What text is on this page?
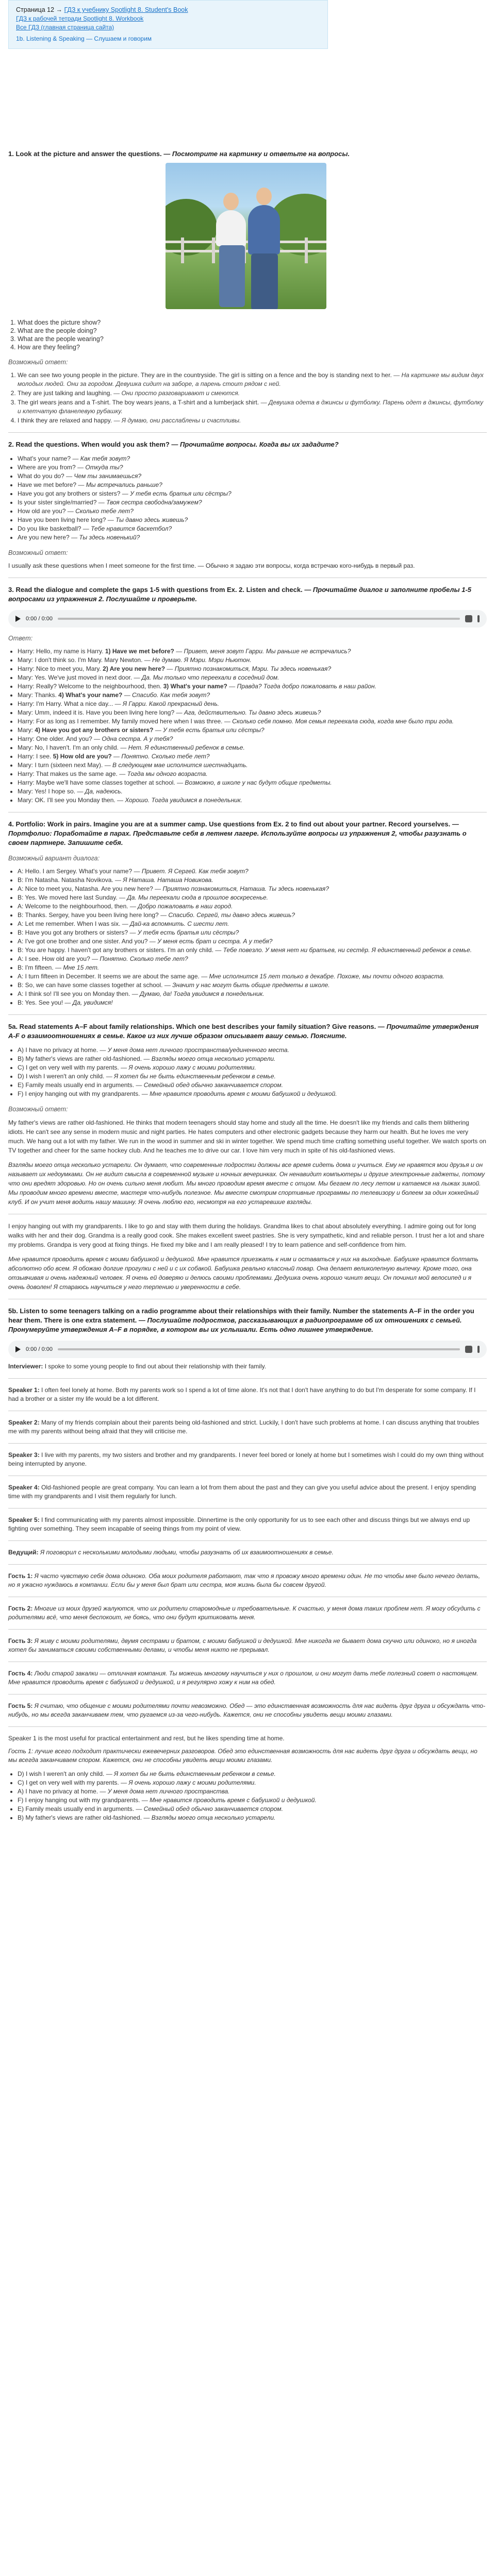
Страница 12 → ГДЗ к учебнику Spotlight 8. Student's Book
ГДЗ к рабочей тетради Spotlight 8. Workbook
Все ГДЗ (главная страница сайта)
1b. Listening & Speaking — Слушаем и говорим
1. Look at the picture and answer the questions. — Посмотрите на картинку и ответьте на вопросы.
1. What does the picture show?
2. What are the people doing?
3. What are the people wearing?
4. How are they feeling?
Возможный ответ:
1. We can see two young people in the picture. They are in the countryside. The girl is sitting on a fence and the boy is standing next to her. — На картинке мы видим двух молодых людей. Они за городом. Девушка сидит на заборе, а парень стоит рядом с ней.
2. They are just talking and laughing. — Они просто разговаривают и смеются.
3. The girl wears jeans and a T-shirt. The boy wears jeans, a T-shirt and a lumberjack shirt. — Девушка одета в джинсы и футболку. Парень одет в джинсы, футболку и клетчатую фланелевую рубашку.
4. I think they are relaxed and happy. — Я думаю, они расслаблены и счастливы.
2. Read the questions. When would you ask them? — Прочитайте вопросы. Когда вы их зададите?
• What's your name? — Как тебя зовут?
• Where are you from? — Откуда ты?
• What do you do? — Чем ты занимаешься?
• Have we met before? — Мы встречались раньше?
• Have you got any brothers or sisters? — У тебя есть братья или сёстры?
• Is your sister single/married? — Твоя сестра свободна/замужем?
• How old are you? — Сколько тебе лет?
• Have you been living here long? — Ты давно здесь живешь?
• Do you like basketball? — Тебе нравится баскетбол?
• Are you new here? — Ты здесь новенький?
Возможный ответ:

I usually ask these questions when I meet someone for the first time. — Обычно я задаю эти вопросы, когда встречаю кого-нибудь в первый раз.

3. Read the dialogue and complete the gaps 1-5 with questions from Ex. 2. Listen and check. — Прочитайте диалог и заполните пробелы 1-5 вопросами из упражнения 2. Послушайте и проверьте.
0:00 / 0:00
Ответ:
• Harry: Hello, my name is Harry. 1) Have we met before? — Привет, меня зовут Гарри. Мы раньше не встречались?
• Mary: I don't think so. I'm Mary. Mary Newton. — Не думаю. Я Мэри. Мэри Ньютон.
• Harry: Nice to meet you, Mary. 2) Are you new here? — Приятно познакомиться, Мэри. Ты здесь новенькая?
• Mary: Yes. We've just moved in next door. — Да. Мы только что переехали в соседний дом.
• Harry: Really? Welcome to the neighbourhood, then. 3) What's your name? — Правда? Тогда добро пожаловать в наш район.
• Mary: Thanks. 4) What's your name? — Спасибо. Как тебя зовут?
• Harry: I'm Harry. What a nice day... — Я Гарри. Какой прекрасный день.
• Mary: Umm, indeed it is. Have you been living here long? — Ага, действительно. Ты давно здесь живешь?
• Harry: For as long as I remember. My family moved here when I was three. — Сколько себя помню. Моя семья переехала сюда, когда мне было три года.
• Mary: 4) Have you got any brothers or sisters? — У тебя есть братья или сёстры?
• Harry: One older. And you? — Одна сестра. А у тебя?
• Mary: No, I haven't. I'm an only child. — Нет. Я единственный ребенок в семье.
• Harry: I see. 5) How old are you? — Понятно. Сколько тебе лет?
• Mary: I turn (sixteen next May). — В следующем мае исполнится шестнадцать.
• Harry: That makes us the same age. — Тогда мы одного возраста.
• Harry: Maybe we'll have some classes together at school. — Возможно, в школе у нас будут общие предметы.
• Mary: Yes! I hope so. — Да, надеюсь.
• Mary: OK. I'll see you Monday then. — Хорошо. Тогда увидимся в понедельник.
4. Portfolio: Work in pairs. Imagine you are at a summer camp. Use questions from Ex. 2 to find out about your partner. Record yourselves. — Портфолио: Поработайте в парах. Представьте себя в летнем лагере. Используйте вопросы из упражнения 2, чтобы разузнать о своем партнере. Запишите себя.
Возможный вариант диалога:
• A: Hello. I am Sergey. What's your name? — Привет. Я Сергей. Как тебя зовут?
• B: I'm Natasha. Natasha Novikova. — Я Наташа. Наташа Новикова.
• A: Nice to meet you, Natasha. Are you new here? — Приятно познакомиться, Наташа. Ты здесь новенькая?
• B: Yes. We moved here last Sunday. — Да. Мы переехали сюда в прошлое воскресенье.
• A: Welcome to the neighbourhood, then. — Добро пожаловать в наш город.
• B: Thanks. Sergey, have you been living here long? — Спасибо. Сергей, ты давно здесь живешь?
• A: Let me remember. When I was six. — Дай-ка вспомнить. С шести лет.
• B: Have you got any brothers or sisters? — У тебя есть братья или сёстры?
• A: I've got one brother and one sister. And you? — У меня есть брат и сестра. А у тебя?
• B: You are happy. I haven't got any brothers or sisters. I'm an only child. — Тебе повезло. У меня нет ни братьев, ни сестёр. Я единственный ребенок в семье.
• A: I see. How old are you? — Понятно. Сколько тебе лет?
• B: I'm fifteen. — Мне 15 лет.
• A: I turn fifteen in December. It seems we are about the same age. — Мне исполнится 15 лет только в декабре. Похоже, мы почти одного возраста.
• B: So, we can have some classes together at school. — Значит у нас могут быть общие предметы в школе.
• A: I think so! I'll see you on Monday then. — Думаю, да! Тогда увидимся в понедельник.
• B: Yes. See you! — Да, увидимся!
5a. Read statements A–F about family relationships. Which one best describes your family situation? Give reasons. — Прочитайте утверждения A-F о взаимоотношениях в семье. Какое из них лучше образом описывает вашу семью. Поясните.
• A) I have no privacy at home. — У меня дома нет личного пространства/уединенного места.
• B) My father's views are rather old-fashioned. — Взгляды моего отца несколько устарели.
• C) I get on very well with my parents. — Я очень хорошо лажу с моими родителями.
• D) I wish I weren't an only child. — Я хотел бы не быть единственным ребенком в семье.
• E) Family meals usually end in arguments. — Семейный обед обычно заканчивается спором.
• F) I enjoy hanging out with my grandparents. — Мне нравится проводить время с моими бабушкой и дедушкой.
Возможный ответ:

My father's views are rather old-fashioned. He thinks that modern teenagers should stay home and study all the time. He doesn't like my friends and calls them blithering idiots. He can't see any sense in modern music and night parties. He hates computers and other electronic gadgets because they harm our health. But he loves me very much. We hang out a lot with my father. We run in the wood in summer and ski in winter together. We spend much time crafting something useful together. We watch sports on TV together and cheer for the same hockey club. And he teaches me to drive our car. I love him very much in spite of his old-fashioned views.

Взгляды моего отца несколько устарели. Он думает, что современные подростки должны все время сидеть дома и учиться. Ему не нравятся мои друзья и он называет их недоумками. Он не видит смысла в современной музыке и ночных вечеринках. Он ненавидит компьютеры и другие электронные гаджеты, потому что они вредят здоровью. Но он очень сильно меня любит. Мы много проводим время вместе с отцом. Мы бегаем по лесу летом и катаемся на лыжах зимой. Мы проводим много времени вместе, мастеря что-нибудь полезное. Мы вместе смотрим спортивные программы по телевизору и болеем за один хоккейный клуб. И он учит меня водить нашу машину. Я очень люблю его, несмотря на его устаревшие взгляды.

I enjoy hanging out with my grandparents. I like to go and stay with them during the holidays. Grandma likes to chat about absolutely everything. I admire going out for long walks with her and their dog. Grandma is a really good cook. She makes excellent sweet pastries. She is very sympathetic, kind and reliable person. I trust her a lot and share my problems. Grandpa is very good at fixing things. He fixed my bike and I am really pleased! I try to learn patience and self-confidence from him.

Мне нравится проводить время с моими бабушкой и дедушкой. Мне нравится приезжать к ним и оставаться у них на выходные. Бабушке нравится болтать абсолютно обо всем. Я обожаю долгие прогулки с ней и с их собакой. Бабушка реально классный повар. Она делает великолепную выпечку. Кроме того, она отзывчивая и очень надежный человек. Я очень ей доверяю и делюсь своими проблемами. Дедушка очень хорошо чинит вещи. Он починил мой велосипед и я очень доволен! Я стараюсь научиться у него терпению и уверенности в себе.

5b. Listen to some teenagers talking on a radio programme about their relationships with their family. Number the statements A–F in the order you hear them. There is one extra statement. — Послушайте подростков, рассказывающих в радиопрограмме об их отношениях с семьей. Пронумеруйте утверждения A–F в порядке, в котором вы их услышали. Есть одно лишнее утверждение.
0:00 / 0:00

Interviewer: I spoke to some young people to find out about their relationship with their family.

Speaker 1: I often feel lonely at home. Both my parents work so I spend a lot of time alone. It's not that I don't have anything to do but I'm desperate for some company. If I had a brother or a sister my life would be a lot different.

Speaker 2: Many of my friends complain about their parents being old-fashioned and strict. Luckily, I don't have such problems at home. I can discuss anything that troubles me with my parents without being afraid that they will criticise me.

Speaker 3: I live with my parents, my two sisters and brother and my grandparents. I never feel bored or lonely at home but I sometimes wish I could do my own thing without being interrupted by anyone.

Speaker 4: Old-fashioned people are great company. You can learn a lot from them about the past and they can give you useful advice about the present. I enjoy spending time with my grandparents and I visit them regularly for lunch.

Speaker 5: I find communicating with my parents almost impossible. Dinnertime is the only opportunity for us to see each other and discuss things but we always end up fighting over something. They seem incapable of seeing things from my point of view.

Ведущий: Я поговорил с несколькими молодыми людьми, чтобы разузнать об их взаимоотношениях в семье.

Гость 1: Я часто чувствую себя дома одиноко. Оба моих родителя работают, так что я провожу много времени один. Не то чтобы мне было нечего делать, но я ужасно нуждаюсь в компании. Если бы у меня был брат или сестра, моя жизнь была бы совсем другой.

Гость 2: Многие из моих друзей жалуются, что их родители старомодные и требовательные. К счастью, у меня дома таких проблем нет. Я могу обсудить с родителями всё, что меня беспокоит, не боясь, что они будут критиковать меня.

Гость 3: Я живу с моими родителями, двумя сестрами и братом, с моими бабушкой и дедушкой. Мне никогда не бывает дома скучно или одиноко, но я иногда хотел бы заниматься своими собственными делами, и чтобы меня никто не прерывал.

Гость 4: Люди старой закалки — отличная компания. Ты можешь многому научиться у них о прошлом, и они могут дать тебе полезный совет о настоящем. Мне нравится проводить время с бабушкой и дедушкой, и я регулярно хожу к ним на обед.

Гость 5: Я считаю, что общение с моими родителями почти невозможно. Обед — это единственная возможность для нас видеть друг друга и обсуждать что-нибудь, но мы всегда заканчиваем тем, что ругаемся из-за чего-нибудь. Кажется, они не способны увидеть вещи моими глазами.

Speaker 1 is the most useful for practical entertainment and rest, but he likes spending time at home.

Гость 1: лучше всего подходит практически ежевечерних разговоров. Обед это единственная возможность для нас видеть друг друга и обсуждать вещи, но мы всегда заканчиваем спором. Кажется, они не способны увидеть вещи моими глазами.

• D) I wish I weren't an only child. — Я хотел бы не быть единственным ребенком в семье.
• C) I get on very well with my parents. — Я очень хорошо лажу с моими родителями.
• A) I have no privacy at home. — У меня дома нет личного пространства.
• F) I enjoy hanging out with my grandparents. — Мне нравится проводить время с бабушкой и дедушкой.
• E) Family meals usually end in arguments. — Семейный обед обычно заканчивается спором.
• B) My father's views are rather old-fashioned. — Взгляды моего отца несколько устарели.
